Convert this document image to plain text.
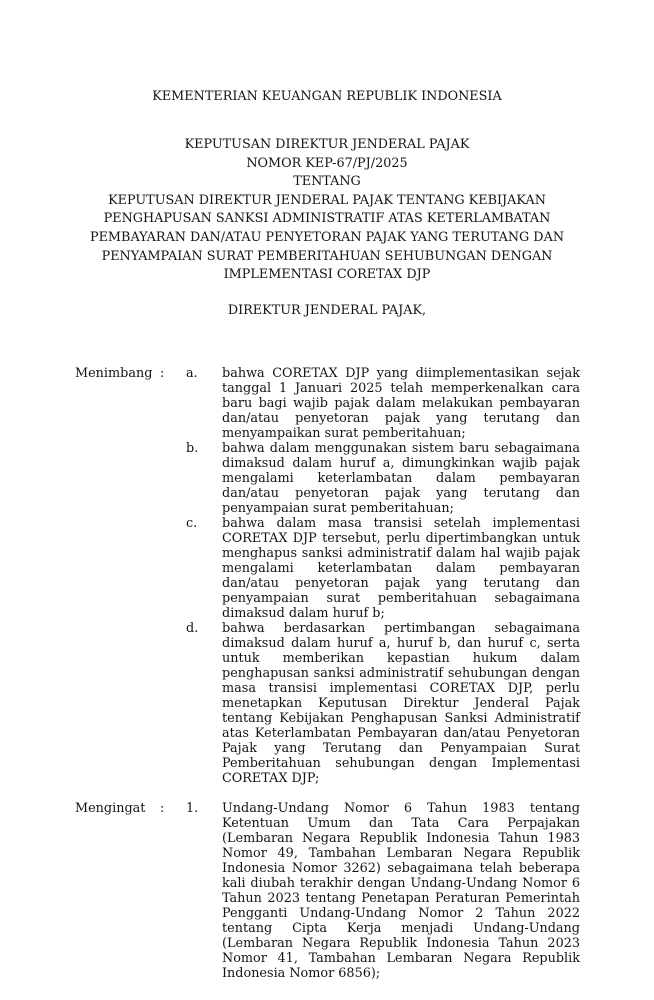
KEMENTERIAN KEUANGAN REPUBLIK INDONESIA
KEPUTUSAN DIREKTUR JENDERAL PAJAK
NOMOR KEP-67/PJ/2025
TENTANG
KEPUTUSAN DIREKTUR JENDERAL PAJAK TENTANG KEBIJAKAN PENGHAPUSAN SANKSI ADMINISTRATIF ATAS KETERLAMBATAN PEMBAYARAN DAN/ATAU PENYETORAN PAJAK YANG TERUTANG DAN PENYAMPAIAN SURAT PEMBERITAHUAN SEHUBUNGAN DENGAN IMPLEMENTASI CORETAX DJP
DIREKTUR JENDERAL PAJAK,
Menimbang :	a.	bahwa CORETAX DJP yang diimplementasikan sejak tanggal 1 Januari 2025 telah memperkenalkan cara baru bagi wajib pajak dalam melakukan pembayaran dan/atau penyetoran pajak yang terutang dan menyampaikan surat pemberitahuan;
b.	bahwa dalam menggunakan sistem baru sebagaimana dimaksud dalam huruf a, dimungkinkan wajib pajak mengalami keterlambatan dalam pembayaran dan/atau penyetoran pajak yang terutang dan penyampaian surat pemberitahuan;
c.	bahwa dalam masa transisi setelah implementasi CORETAX DJP tersebut, perlu dipertimbangkan untuk menghapus sanksi administratif dalam hal wajib pajak mengalami keterlambatan dalam pembayaran dan/atau penyetoran pajak yang terutang dan penyampaian surat pemberitahuan sebagaimana dimaksud dalam huruf b;
d.	bahwa berdasarkan pertimbangan sebagaimana dimaksud dalam huruf a, huruf b, dan huruf c, serta untuk memberikan kepastian hukum dalam penghapusan sanksi administratif sehubungan dengan masa transisi implementasi CORETAX DJP, perlu menetapkan Keputusan Direktur Jenderal Pajak tentang Kebijakan Penghapusan Sanksi Administratif atas Keterlambatan Pembayaran dan/atau Penyetoran Pajak yang Terutang dan Penyampaian Surat Pemberitahuan sehubungan dengan Implementasi CORETAX DJP;
Mengingat	:	1.	Undang-Undang Nomor 6 Tahun 1983 tentang Ketentuan Umum dan Tata Cara Perpajakan (Lembaran Negara Republik Indonesia Tahun 1983 Nomor 49, Tambahan Lembaran Negara Republik Indonesia Nomor 3262) sebagaimana telah beberapa kali diubah terakhir dengan Undang-Undang Nomor 6 Tahun 2023 tentang Penetapan Peraturan Pemerintah Pengganti Undang-Undang Nomor 2 Tahun 2022 tentang Cipta Kerja menjadi Undang-Undang (Lembaran Negara Republik Indonesia Tahun 2023 Nomor 41, Tambahan Lembaran Negara Republik Indonesia Nomor 6856);
